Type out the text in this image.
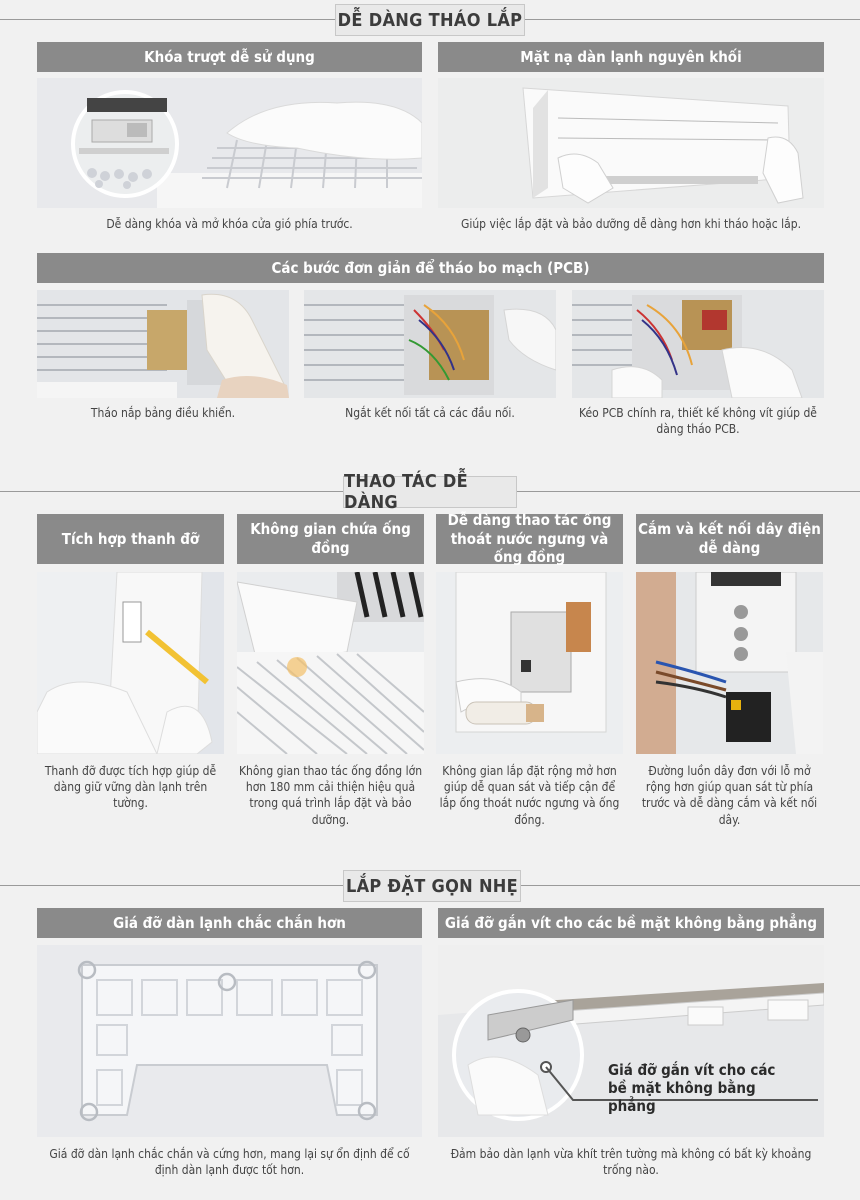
DỄ DÀNG THÁO LẮP
Khóa trượt dễ sử dụng	Mặt nạ dàn lạnh nguyên khối
Dễ dàng khóa và mở khóa cửa gió phía trước.	Giúp việc lắp đặt và bảo dưỡng dễ dàng hơn khi tháo hoặc lắp.
Các bước đơn giản để tháo bo mạch (PCB)
Tháo nắp bảng điều khiển.	Ngắt kết nối tất cả các đầu nối.	Kéo PCB chính ra, thiết kế không vít giúp dễ dàng tháo PCB.
THAO TÁC DỄ DÀNG
Tích hợp thanh đỡ
Không gian chứa ống đồng
Dễ dàng thao tác ống thoát nước ngưng và ống đồng
Cắm và kết nối dây điện dễ dàng
Thanh đỡ được tích hợp giúp dễ dàng giữ vững dàn lạnh trên tường.
Không gian thao tác ống đồng lớn hơn 180 mm cải thiện hiệu quả trong quá trình lắp đặt và bảo dưỡng.
Không gian lắp đặt rộng mở hơn giúp dễ quan sát và tiếp cận để lắp ống thoát nước ngưng và ống đồng.
Đường luồn dây đơn với lỗ mở rộng hơn giúp quan sát từ phía trước và dễ dàng cắm và kết nối dây.
LẮP ĐẶT GỌN NHẸ
Giá đỡ dàn lạnh chắc chắn hơn	Giá đỡ gắn vít cho các bề mặt không bằng phẳng
Giá đỡ gắn vít cho các bề mặt không bằng phẳng
Giá đỡ dàn lạnh chắc chắn và cứng hơn, mang lại sự ổn định để cố định dàn lạnh được tốt hơn.
Đảm bảo dàn lạnh vừa khít trên tường mà không có bất kỳ khoảng trống nào.
